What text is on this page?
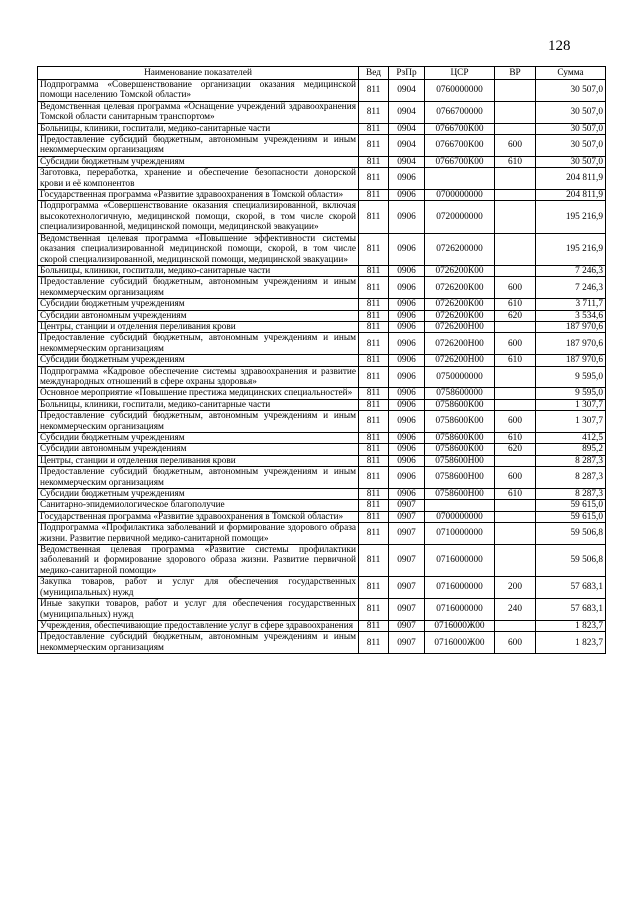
128
Наименование показателей	Вед	РзПр	ЦСР	ВР	Сумма
Подпрограмма «Совершенствование организации оказания медицинской помощи населению Томской области»	811	0904	0760000000		30 507,0
Ведомственная целевая программа «Оснащение учреждений здравоохранения Томской области санитарным транспортом»	811	0904	0766700000		30 507,0
Больницы, клиники, госпитали, медико-санитарные части	811	0904	0766700К00		30 507,0
Предоставление субсидий бюджетным, автономным учреждениям и иным некоммерческим организациям	811	0904	0766700К00	600	30 507,0
Субсидии бюджетным учреждениям	811	0904	0766700К00	610	30 507,0
Заготовка, переработка, хранение и обеспечение безопасности донорской крови и её компонентов	811	0906			204 811,9
Государственная программа «Развитие здравоохранения в Томской области»	811	0906	0700000000		204 811,9
Подпрограмма «Совершенствование оказания специализированной, включая высокотехнологичную, медицинской помощи, скорой, в том числе скорой специализированной, медицинской помощи, медицинской эвакуации»	811	0906	0720000000		195 216,9
Ведомственная целевая программа «Повышение эффективности системы оказания специализированной медицинской помощи, скорой, в том числе скорой специализированной, медицинской помощи, медицинской эвакуации»	811	0906	0726200000		195 216,9
Больницы, клиники, госпитали, медико-санитарные части	811	0906	0726200К00		7 246,3
Предоставление субсидий бюджетным, автономным учреждениям и иным некоммерческим организациям	811	0906	0726200К00	600	7 246,3
Субсидии бюджетным учреждениям	811	0906	0726200К00	610	3 711,7
Субсидии автономным учреждениям	811	0906	0726200К00	620	3 534,6
Центры, станции и отделения переливания крови	811	0906	0726200Н00		187 970,6
Предоставление субсидий бюджетным, автономным учреждениям и иным некоммерческим организациям	811	0906	0726200Н00	600	187 970,6
Субсидии бюджетным учреждениям	811	0906	0726200Н00	610	187 970,6
Подпрограмма «Кадровое обеспечение системы здравоохранения и развитие международных отношений в сфере охраны здоровья»	811	0906	0750000000		9 595,0
Основное мероприятие «Повышение престижа медицинских специальностей»	811	0906	0758600000		9 595,0
Больницы, клиники, госпитали, медико-санитарные части	811	0906	0758600К00		1 307,7
Предоставление субсидий бюджетным, автономным учреждениям и иным некоммерческим организациям	811	0906	0758600К00	600	1 307,7
Субсидии бюджетным учреждениям	811	0906	0758600К00	610	412,5
Субсидии автономным учреждениям	811	0906	0758600К00	620	895,2
Центры, станции и отделения переливания крови	811	0906	0758600Н00		8 287,3
Предоставление субсидий бюджетным, автономным учреждениям и иным некоммерческим организациям	811	0906	0758600Н00	600	8 287,3
Субсидии бюджетным учреждениям	811	0906	0758600Н00	610	8 287,3
Санитарно-эпидемиологическое благополучие	811	0907			59 615,0
Государственная программа «Развитие здравоохранения в Томской области»	811	0907	0700000000		59 615,0
Подпрограмма «Профилактика заболеваний и формирование здорового образа жизни. Развитие первичной медико-санитарной помощи»	811	0907	0710000000		59 506,8
Ведомственная целевая программа «Развитие системы профилактики заболеваний и формирование здорового образа жизни. Развитие первичной медико-санитарной помощи»	811	0907	0716000000		59 506,8
Закупка товаров, работ и услуг для обеспечения государственных (муниципальных) нужд	811	0907	0716000000	200	57 683,1
Иные закупки товаров, работ и услуг для обеспечения государственных (муниципальных) нужд	811	0907	0716000000	240	57 683,1
Учреждения, обеспечивающие предоставление услуг в сфере здравоохранения	811	0907	0716000Ж00		1 823,7
Предоставление субсидий бюджетным, автономным учреждениям и иным некоммерческим организациям	811	0907	0716000Ж00	600	1 823,7
